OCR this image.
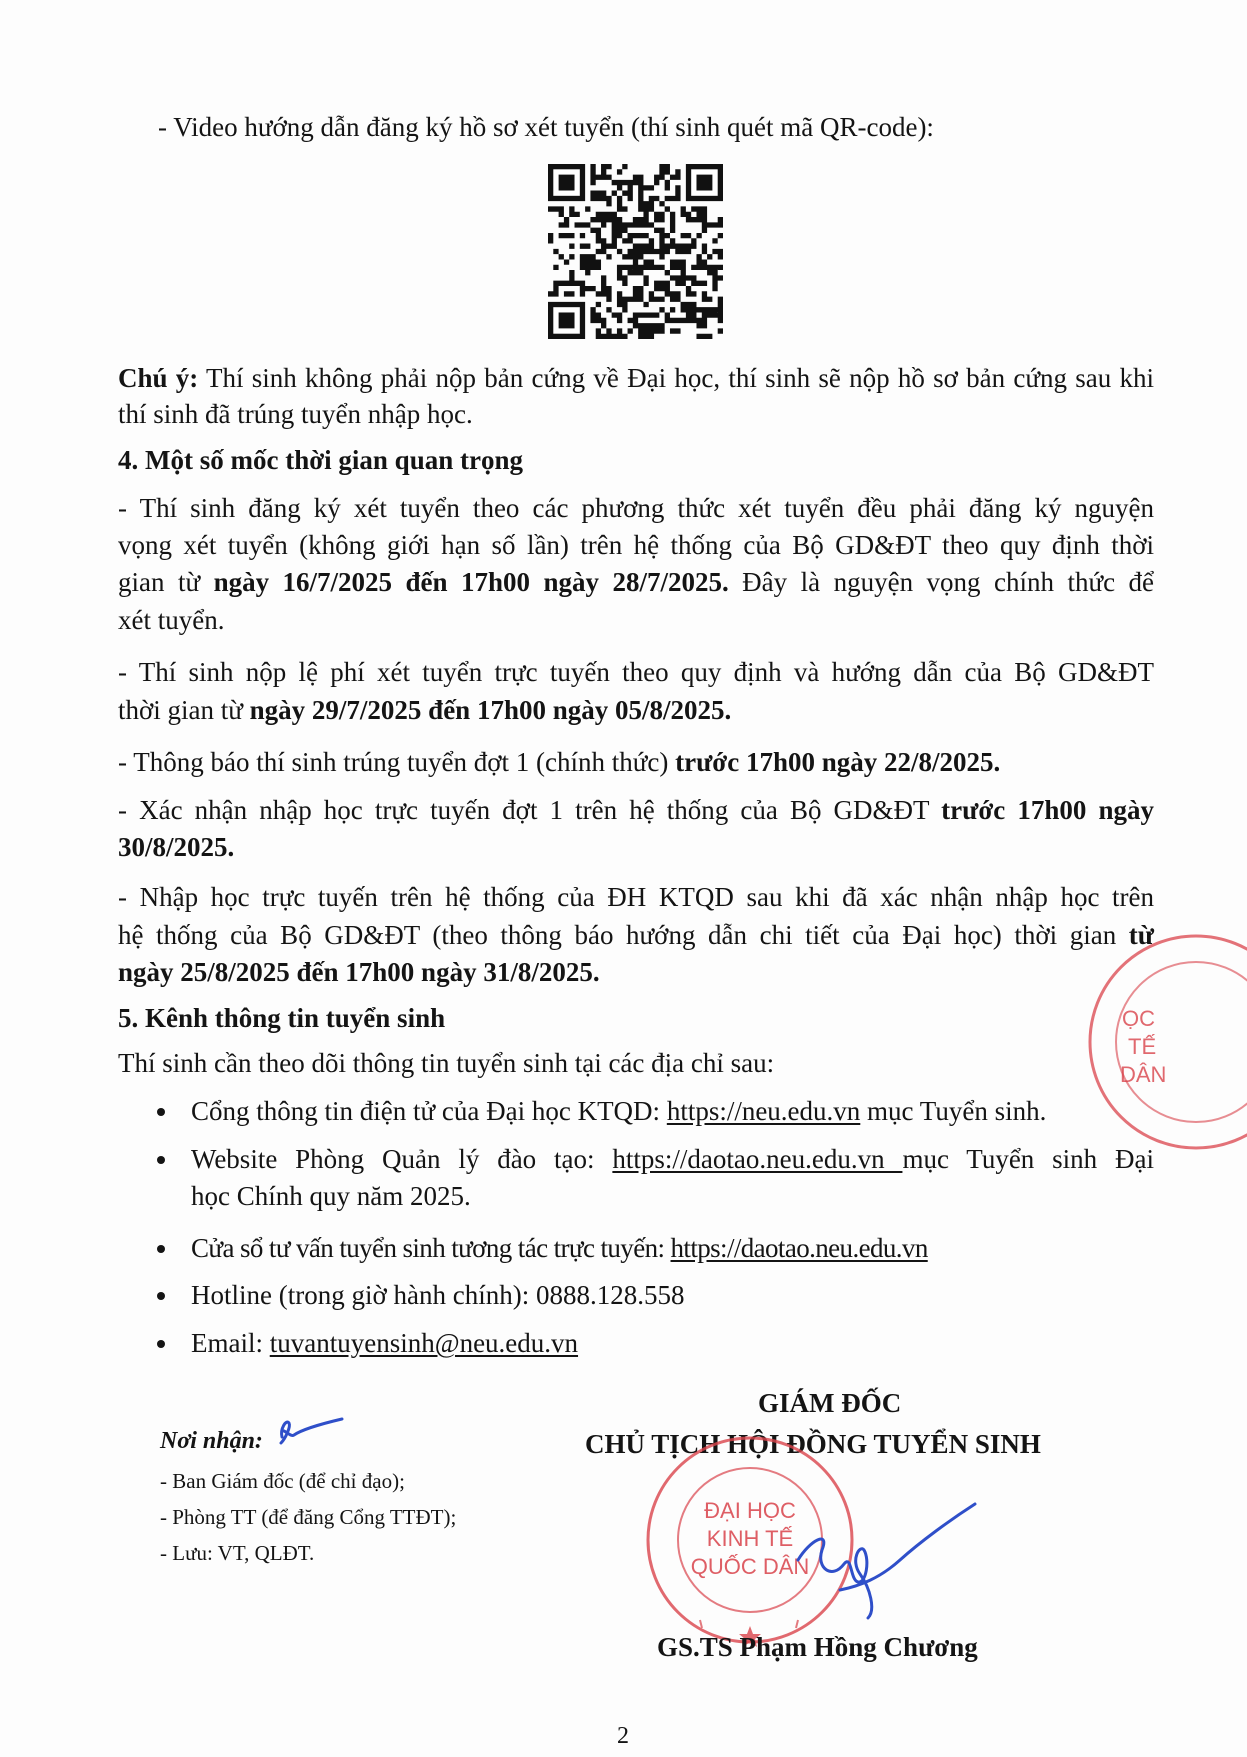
- Video hướng dẫn đăng ký hồ sơ xét tuyển (thí sinh quét mã QR-code):
Chú ý: Thí sinh không phải nộp bản cứng về Đại học, thí sinh sẽ nộp hồ sơ bản cứng sau khi
thí sinh đã trúng tuyển nhập học.
4. Một số mốc thời gian quan trọng
- Thí sinh đăng ký xét tuyển theo các phương thức xét tuyển đều phải đăng ký nguyện
vọng xét tuyển (không giới hạn số lần) trên hệ thống của Bộ GD&ĐT theo quy định thời
gian từ ngày 16/7/2025 đến 17h00 ngày 28/7/2025. Đây là nguyện vọng chính thức để
xét tuyển.
- Thí sinh nộp lệ phí xét tuyển trực tuyến theo quy định và hướng dẫn của Bộ GD&ĐT
thời gian từ ngày 29/7/2025 đến 17h00 ngày 05/8/2025.
- Thông báo thí sinh trúng tuyển đợt 1 (chính thức) trước 17h00 ngày 22/8/2025.
- Xác nhận nhập học trực tuyến đợt 1 trên hệ thống của Bộ GD&ĐT trước 17h00 ngày
30/8/2025.
- Nhập học trực tuyến trên hệ thống của ĐH KTQD sau khi đã xác nhận nhập học trên
hệ thống của Bộ GD&ĐT (theo thông báo hướng dẫn chi tiết của Đại học) thời gian từ
ngày 25/8/2025 đến 17h00 ngày 31/8/2025.
5. Kênh thông tin tuyển sinh
Thí sinh cần theo dõi thông tin tuyển sinh tại các địa chỉ sau:
Cổng thông tin điện tử của Đại học KTQD: https://neu.edu.vn mục Tuyển sinh.
Website Phòng Quản lý đào tạo: https://daotao.neu.edu.vn mục Tuyển sinh Đại
học Chính quy năm 2025.
Cửa sổ tư vấn tuyển sinh tương tác trực tuyến: https://daotao.neu.edu.vn
Hotline (trong giờ hành chính): 0888.128.558
Email: tuvantuyensinh@neu.edu.vn
GIÁM ĐỐC
CHỦ TỊCH HỘI ĐỒNG TUYỂN SINH
Nơi nhận:
- Ban Giám đốc (để chỉ đạo);
- Phòng TT (để đăng Cổng TTĐT);
- Lưu: VT, QLĐT.
ỌC
TẾ
DÂN
ĐẠI HỌC
KINH TẾ
QUỐC DÂN
GS.TS Phạm Hồng Chương
2
